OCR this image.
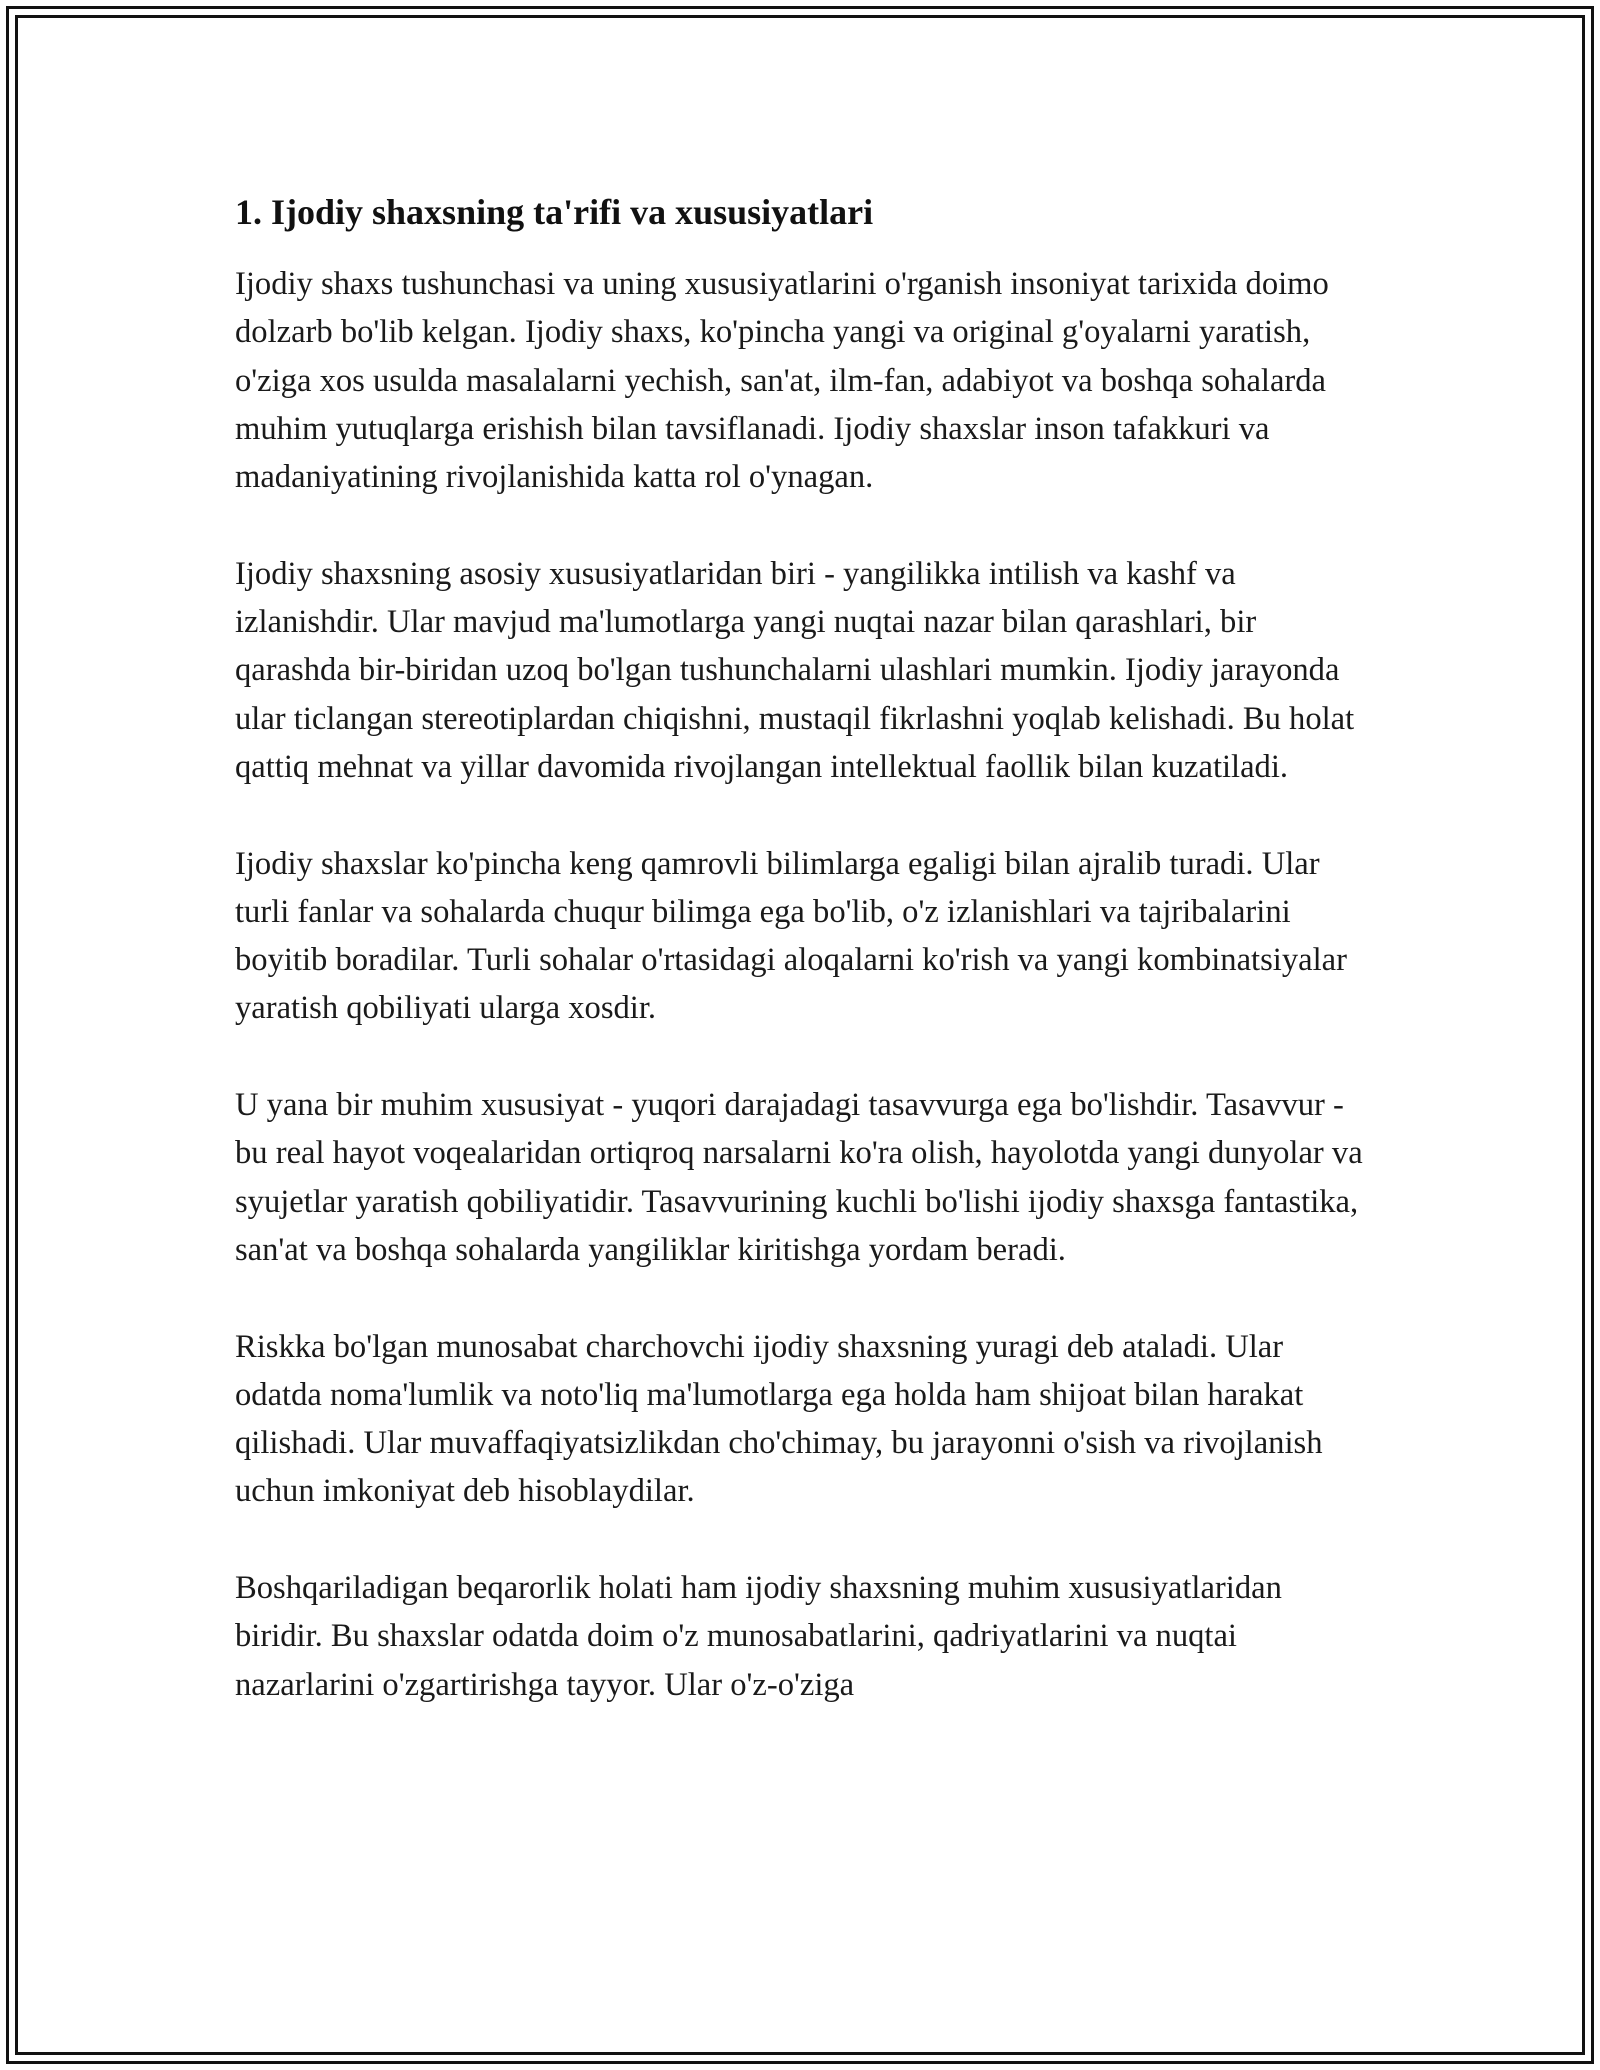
1. Ijodiy shaxsning ta'rifi va xususiyatlari

Ijodiy shaxs tushunchasi va uning xususiyatlarini o'rganish insoniyat tarixida doimo dolzarb bo'lib kelgan. Ijodiy shaxs, ko'pincha yangi va original g'oyalarni yaratish, o'ziga xos usulda masalalarni yechish, san'at, ilm-fan, adabiyot va boshqa sohalarda muhim yutuqlarga erishish bilan tavsiflanadi. Ijodiy shaxslar inson tafakkuri va madaniyatining rivojlanishida katta rol o'ynagan.

Ijodiy shaxsning asosiy xususiyatlaridan biri - yangilikka intilish va kashf va izlanishdir. Ular mavjud ma'lumotlarga yangi nuqtai nazar bilan qarashlari, bir qarashda bir-biridan uzoq bo'lgan tushunchalarni ulashlari mumkin. Ijodiy jarayonda ular ticlangan stereotiplardan chiqishni, mustaqil fikrlashni yoqlab kelishadi. Bu holat qattiq mehnat va yillar davomida rivojlangan intellektual faollik bilan kuzatiladi.

Ijodiy shaxslar ko'pincha keng qamrovli bilimlarga egaligi bilan ajralib turadi. Ular turli fanlar va sohalarda chuqur bilimga ega bo'lib, o'z izlanishlari va tajribalarini boyitib boradilar. Turli sohalar o'rtasidagi aloqalarni ko'rish va yangi kombinatsiyalar yaratish qobiliyati ularga xosdir.

U yana bir muhim xususiyat - yuqori darajadagi tasavvurga ega bo'lishdir. Tasavvur - bu real hayot voqealaridan ortiqroq narsalarni ko'ra olish, hayolotda yangi dunyolar va syujetlar yaratish qobiliyatidir. Tasavvurining kuchli bo'lishi ijodiy shaxsga fantastika, san'at va boshqa sohalarda yangiliklar kiritishga yordam beradi.

Riskka bo'lgan munosabat charchovchi ijodiy shaxsning yuragi deb ataladi. Ular odatda noma'lumlik va noto'liq ma'lumotlarga ega holda ham shijoat bilan harakat qilishadi. Ular muvaffaqiyatsizlikdan cho'chimay, bu jarayonni o'sish va rivojlanish uchun imkoniyat deb hisoblaydilar.

Boshqariladigan beqarorlik holati ham ijodiy shaxsning muhim xususiyatlaridan biridir. Bu shaxslar odatda doim o'z munosabatlarini, qadriyatlarini va nuqtai nazarlarini o'zgartirishga tayyor. Ular o'z-o'ziga
